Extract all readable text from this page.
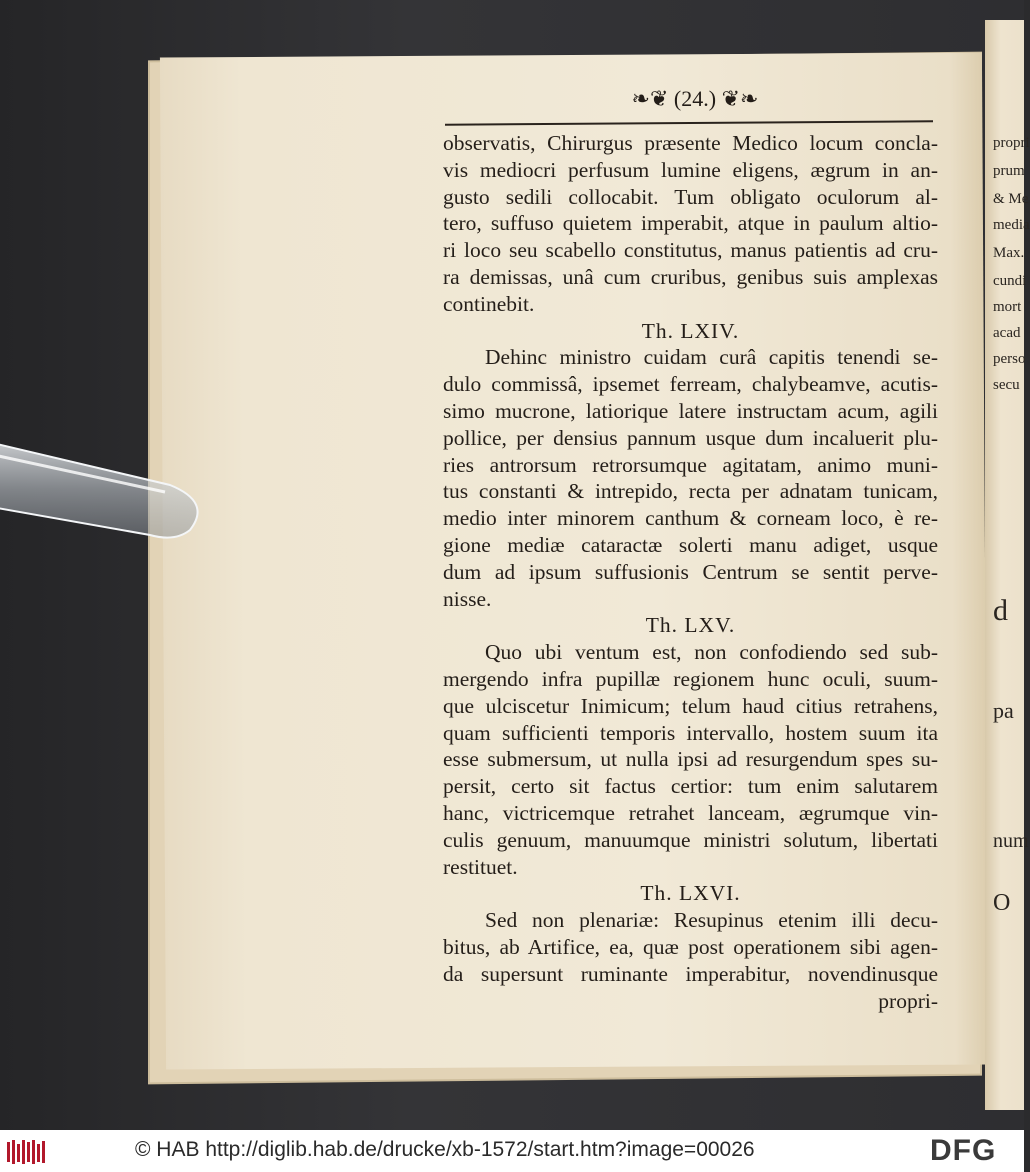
propri
prum
& Me
media
Max.
cundi
mort
acad
perso
secu
d
pa
num
O
❧❦ (24.) ❦❧
observatis, Chirurgus præsente Medico locum concla-
vis mediocri perfusum lumine eligens, ægrum in an-
gusto sedili collocabit. Tum obligato oculorum al-
tero, suffuso quietem imperabit, atque in paulum altio-
ri loco seu scabello constitutus, manus patientis ad cru-
ra demissas, unâ cum cruribus, genibus suis amplexas
continebit.
Th. LXIV.
Dehinc ministro cuidam curâ capitis tenendi se-
dulo commissâ, ipsemet ferream, chalybeamve, acutis-
simo mucrone, latiorique latere instructam acum, agili
pollice, per densius pannum usque dum incaluerit plu-
ries antrorsum retrorsumque agitatam, animo muni-
tus constanti & intrepido, recta per adnatam tunicam,
medio inter minorem canthum & corneam loco, è re-
gione mediæ cataractæ solerti manu adiget, usque
dum ad ipsum suffusionis Centrum se sentit perve-
nisse.
Th. LXV.
Quo ubi ventum est, non confodiendo sed sub-
mergendo infra pupillæ regionem hunc oculi, suum-
que ulciscetur Inimicum; telum haud citius retrahens,
quam sufficienti temporis intervallo, hostem suum ita
esse submersum, ut nulla ipsi ad resurgendum spes su-
persit, certo sit factus certior: tum enim salutarem
hanc, victricemque retrahet lanceam, ægrumque vin-
culis genuum, manuumque ministri solutum, libertati
restituet.
Th. LXVI.
Sed non plenariæ: Resupinus etenim illi decu-
bitus, ab Artifice, ea, quæ post operationem sibi agen-
da supersunt ruminante imperabitur, novendinusque
propri-
© HAB http://diglib.hab.de/drucke/xb-1572/start.htm?image=00026	DFG
